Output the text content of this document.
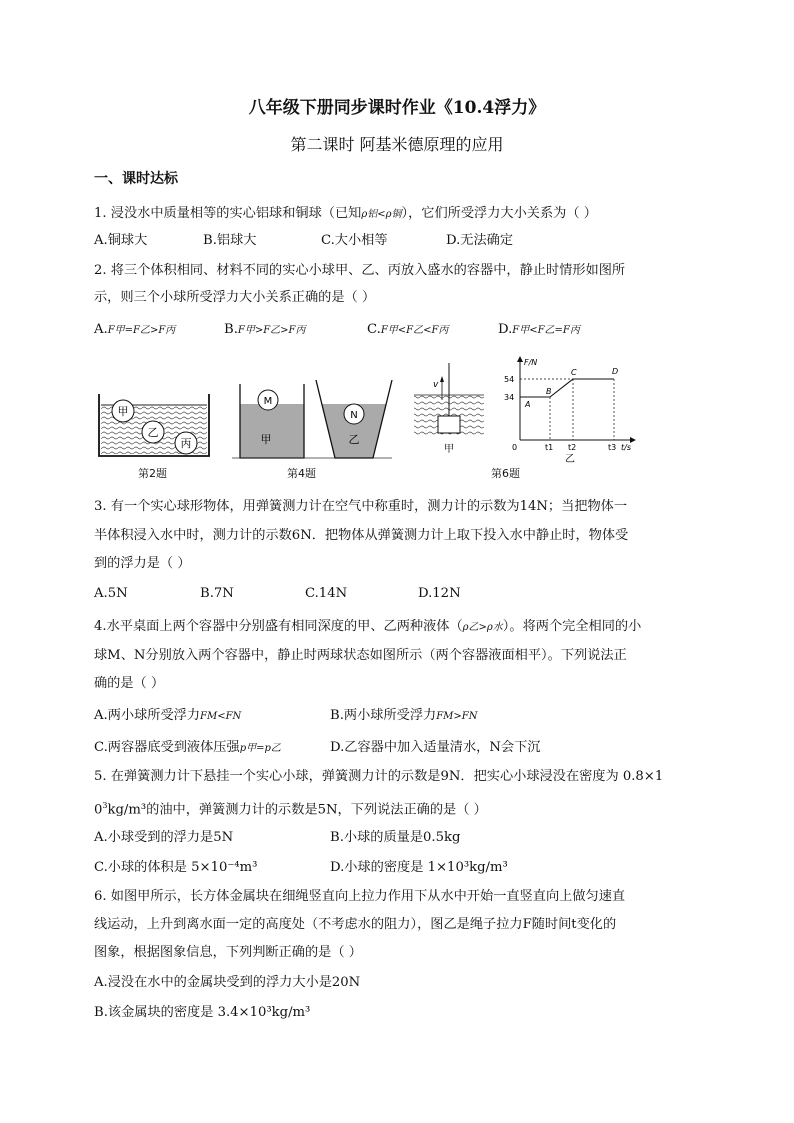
八年级下册同步课时作业《10.4浮力》
第二课时 阿基米德原理的应用
一、课时达标
1. 浸没水中质量相等的实心铝球和铜球（已知ρ铝<ρ铜），它们所受浮力大小关系为（ ）
A.铜球大	B.铝球大	C.大小相等	D.无法确定
2. 将三个体积相同、材料不同的实心小球甲、乙、丙放入盛水的容器中，静止时情形如图所
示，则三个小球所受浮力大小关系正确的是（ ）
A.F甲=F乙>F丙	B.F甲>F乙>F丙	C.F甲<F乙<F丙	D.F甲<F乙=F丙
甲
乙
丙
第2题
M
甲
N
乙
第4题
v
甲
F/N
54
34
A
B
C	D
0	t1 t2	t3 t/s
乙
第6题
3. 有一个实心球形物体，用弹簧测力计在空气中称重时，测力计的示数为14N；当把物体一
半体积浸入水中时，测力计的示数6N．把物体从弹簧测力计上取下投入水中静止时，物体受
到的浮力是（ ）
A.5N	B.7N	C.14N	D.12N
4.水平桌面上两个容器中分别盛有相同深度的甲、乙两种液体（ρ乙>ρ水）。将两个完全相同的小
球M、N分别放入两个容器中，静止时两球状态如图所示（两个容器液面相平）。下列说法正
确的是（ ）
A.两小球所受浮力FM<FN	B.两小球所受浮力FM>FN
C.两容器底受到液体压强p甲=p乙	D.乙容器中加入适量清水，N会下沉
5. 在弹簧测力计下悬挂一个实心小球，弹簧测力计的示数是9N．把实心小球浸没在密度为 0.8×1
$0^3kg/m^3$的油中，弹簧测力计的示数是5N，下列说法正确的是（ ）
A.小球受到的浮力是5N	B.小球的质量是0.5kg
C.小球的体积是 5×10⁻⁴m³	D.小球的密度是 1×10³kg/m³
6. 如图甲所示，长方体金属块在细绳竖直向上拉力作用下从水中开始一直竖直向上做匀速直
线运动，上升到离水面一定的高度处（不考虑水的阻力），图乙是绳子拉力F随时间t变化的
图象，根据图象信息，下列判断正确的是（ ）
A.浸没在水中的金属块受到的浮力大小是20N
B.该金属块的密度是 3.4×10³kg/m³
